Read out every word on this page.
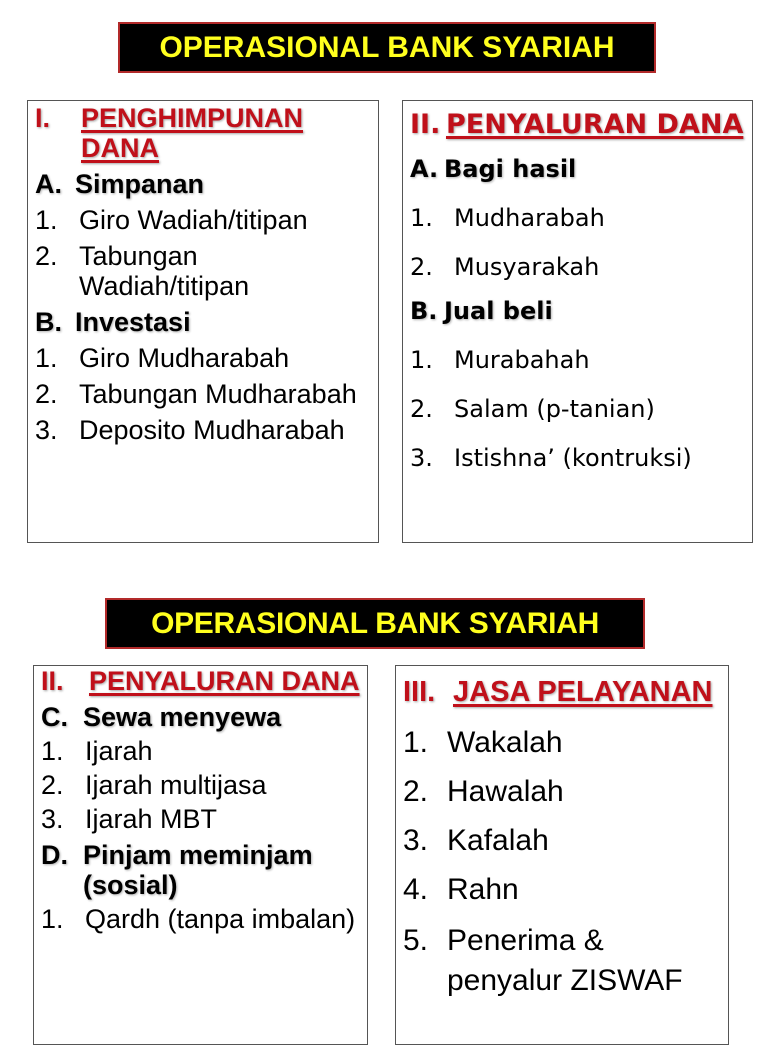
OPERASIONAL BANK SYARIAH
I.	PENGHIMPUNAN DANA
A. Simpanan
1. Giro Wadiah/titipan
2. Tabungan Wadiah/titipan
B. Investasi
1. Giro Mudharabah
2. Tabungan Mudharabah
3. Deposito Mudharabah
II. PENYALURAN DANA
A. Bagi hasil
1. Mudharabah
2. Musyarakah
B. Jual beli
1. Murabahah
2. Salam (p-tanian)
3. Istishna’ (kontruksi)
OPERASIONAL BANK SYARIAH
II. PENYALURAN DANA
C. Sewa menyewa
1. Ijarah
2. Ijarah multijasa
3. Ijarah MBT
D. Pinjam meminjam (sosial)
1. Qardh (tanpa imbalan)
III. JASA PELAYANAN
1. Wakalah
2. Hawalah
3. Kafalah
4. Rahn
5. Penerima & penyalur ZISWAF
